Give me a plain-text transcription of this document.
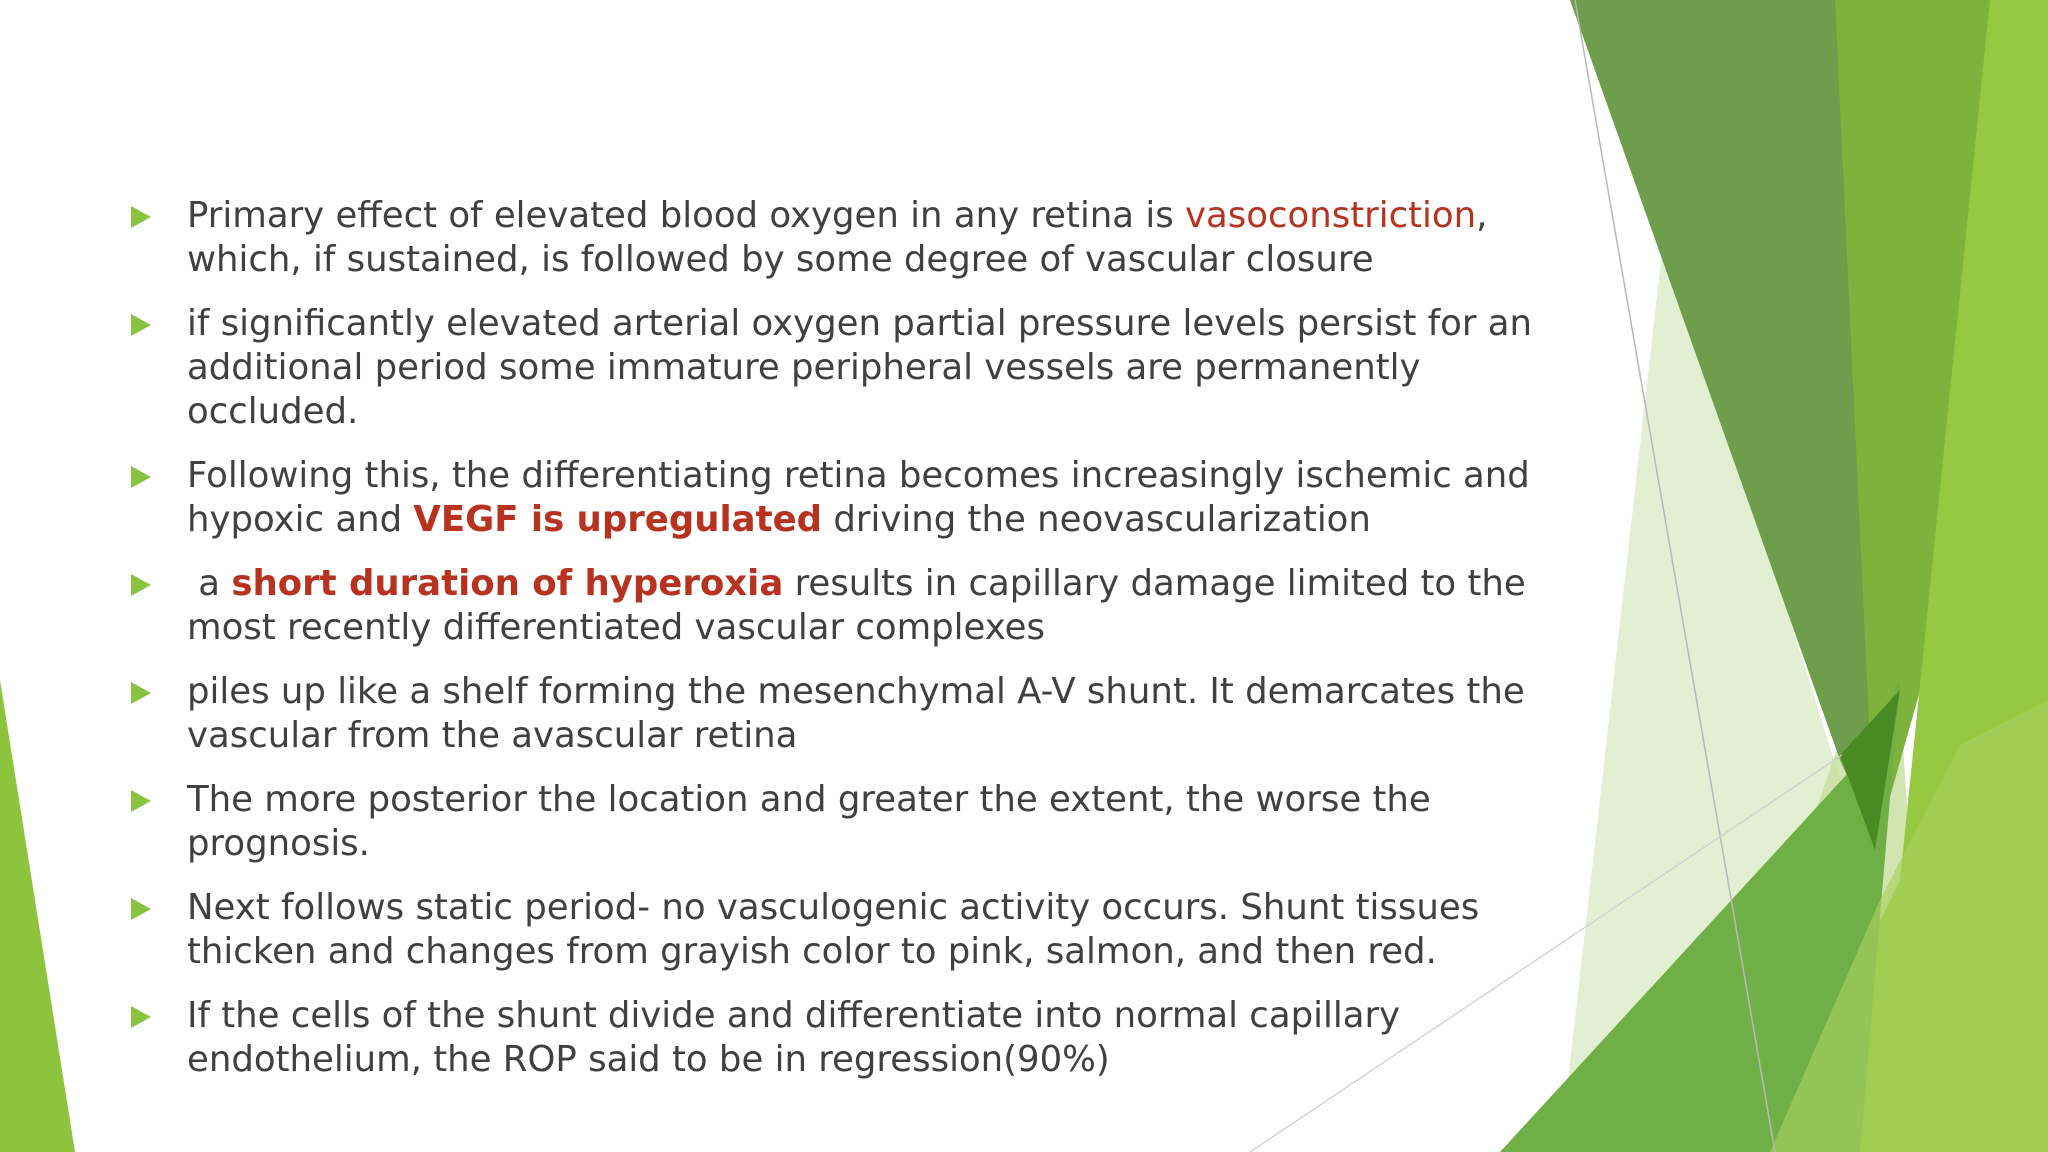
Primary effect of elevated blood oxygen in any retina is vasoconstriction, which, if sustained, is followed by some degree of vascular closure
if significantly elevated arterial oxygen partial pressure levels persist for an additional period some immature peripheral vessels are permanently occluded.
Following this, the differentiating retina becomes increasingly ischemic and hypoxic and VEGF is upregulated driving the neovascularization
a short duration of hyperoxia results in capillary damage limited to the most recently differentiated vascular complexes
piles up like a shelf forming the mesenchymal A-V shunt. It demarcates the vascular from the avascular retina
The more posterior the location and greater the extent, the worse the prognosis.
Next follows static period- no vasculogenic activity occurs. Shunt tissues thicken and changes from grayish color to pink, salmon, and then red.
If the cells of the shunt divide and differentiate into normal capillary endothelium, the ROP said to be in regression(90%)
